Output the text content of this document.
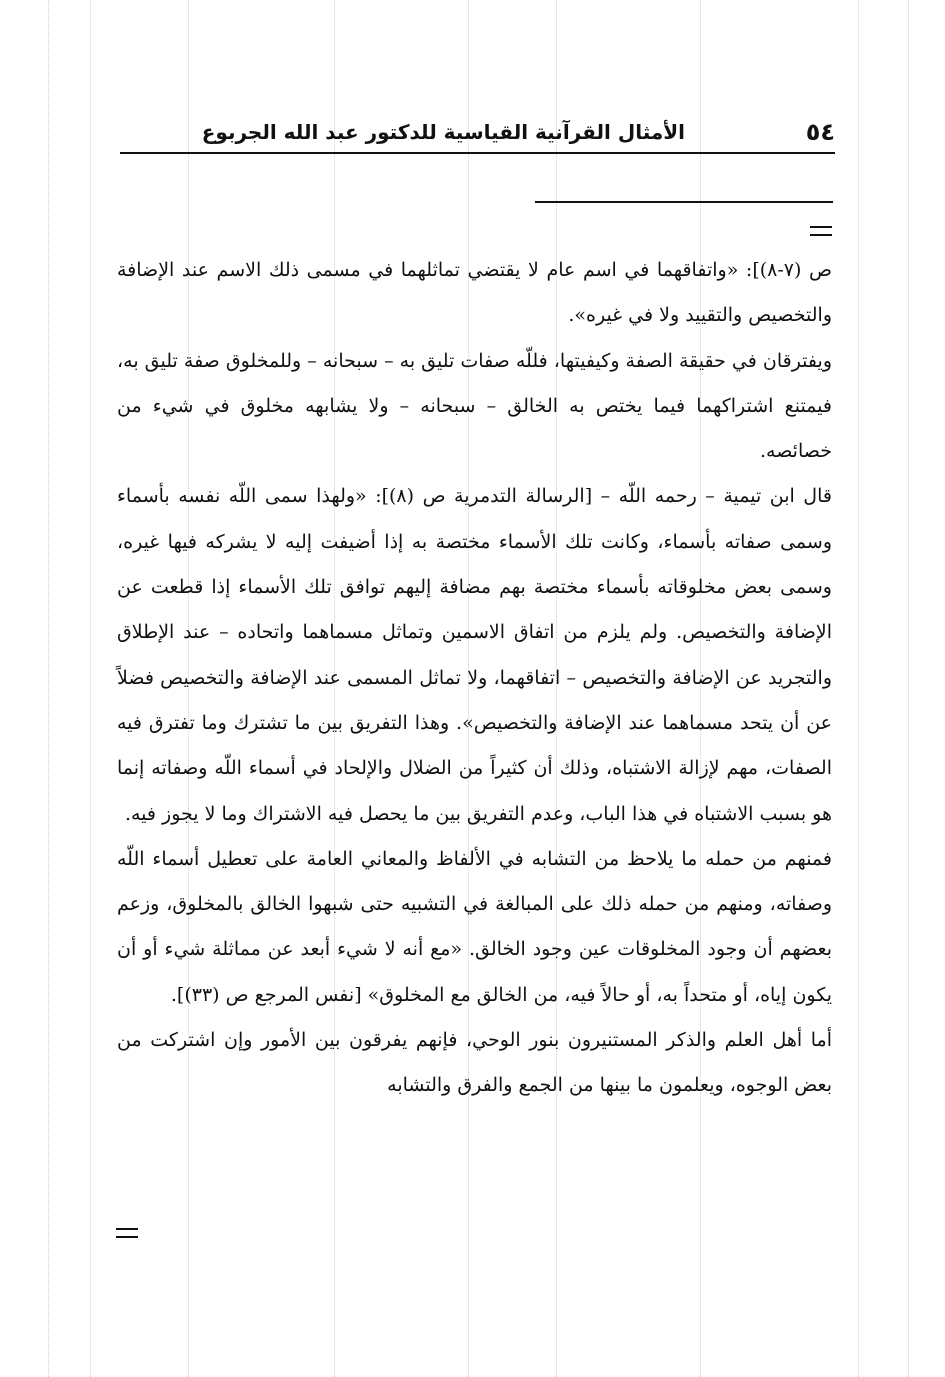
٥٤
الأمثال القرآنية القياسية للدكتور عبد الله الجربوع

ص (٧-٨)]: «واتفاقهما في اسم عام لا يقتضي تماثلهما في مسمى ذلك الاسم عند الإضافة والتخصيص والتقييد ولا في غيره».

ويفترقان في حقيقة الصفة وكيفيتها، فللّه صفات تليق به – سبحانه – وللمخلوق صفة تليق به، فيمتنع اشتراكهما فيما يختص به الخالق – سبحانه – ولا يشابهه مخلوق في شيء من خصائصه.

قال ابن تيمية – رحمه اللّه – [الرسالة التدمرية ص (٨)]: «ولهذا سمى اللّه نفسه بأسماء وسمى صفاته بأسماء، وكانت تلك الأسماء مختصة به إذا أضيفت إليه لا يشركه فيها غيره، وسمى بعض مخلوقاته بأسماء مختصة بهم مضافة إليهم توافق تلك الأسماء إذا قطعت عن الإضافة والتخصيص. ولم يلزم من اتفاق الاسمين وتماثل مسماهما واتحاده – عند الإطلاق والتجريد عن الإضافة والتخصيص – اتفاقهما، ولا تماثل المسمى عند الإضافة والتخصيص فضلاً عن أن يتحد مسماهما عند الإضافة والتخصيص». وهذا التفريق بين ما تشترك وما تفترق فيه الصفات، مهم لإزالة الاشتباه، وذلك أن كثيراً من الضلال والإلحاد في أسماء اللّه وصفاته إنما هو بسبب الاشتباه في هذا الباب، وعدم التفريق بين ما يحصل فيه الاشتراك وما لا يجوز فيه.

فمنهم من حمله ما يلاحظ من التشابه في الألفاظ والمعاني العامة على تعطيل أسماء اللّه وصفاته، ومنهم من حمله ذلك على المبالغة في التشبيه حتى شبهوا الخالق بالمخلوق، وزعم بعضهم أن وجود المخلوقات عين وجود الخالق. «مع أنه لا شيء أبعد عن مماثلة شيء أو أن يكون إياه، أو متحداً به، أو حالاً فيه، من الخالق مع المخلوق» [نفس المرجع ص (٣٣)].

أما أهل العلم والذكر المستنيرون بنور الوحي، فإنهم يفرقون بين الأمور وإن اشتركت من بعض الوجوه، ويعلمون ما بينها من الجمع والفرق والتشابه
